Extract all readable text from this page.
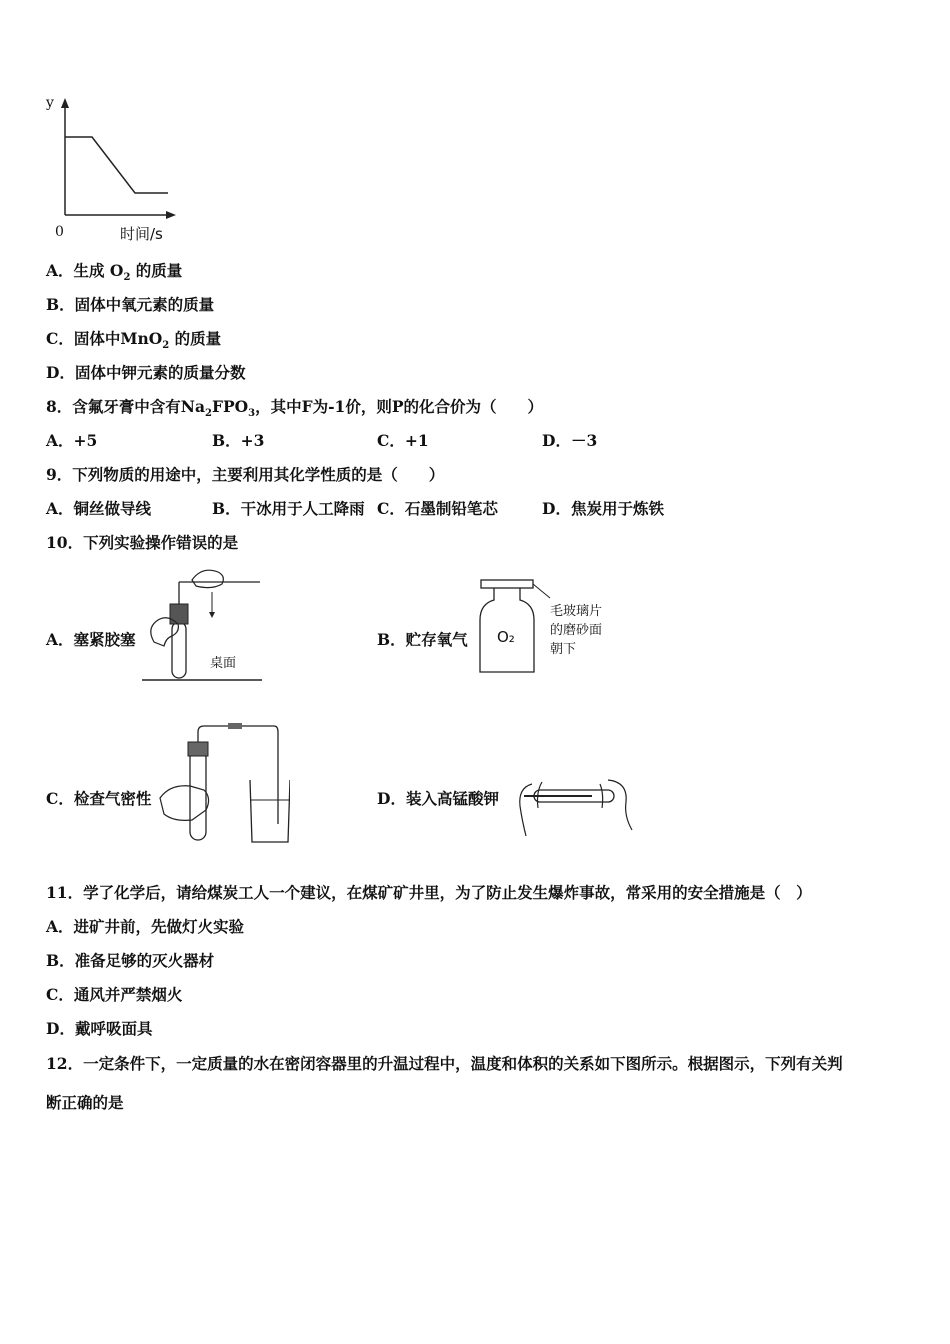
y
0	时间/s
A．生成 $O_2$ 的质量
B．固体中氧元素的质量
C．固体中MnO$_2$ 的质量
D．固体中钾元素的质量分数
8．含氟牙膏中含有$Na_2FPO_3$，其中F为-1价，则P的化合价为（　　）
A．+5	B．+3	C．+1	D．－3
9．下列物质的用途中，主要利用其化学性质的是（　　）
A．铜丝做导线	B．干冰用于人工降雨 C．石墨制铅笔芯	D．焦炭用于炼铁
10．下列实验操作错误的是
A．塞紧胶塞
桌面
B．贮存氧气 O₂
毛玻璃片
的磨砂面
朝下
C．检查气密性	D．装入高锰酸钾
11．学了化学后，请给煤炭工人一个建议，在煤矿矿井里，为了防止发生爆炸事故，常采用的安全措施是（　）
A．进矿井前，先做灯火实验
B．准备足够的灭火器材
C．通风并严禁烟火
D．戴呼吸面具
12．一定条件下，一定质量的水在密闭容器里的升温过程中，温度和体积的关系如下图所示。根据图示，下列有关判
断正确的是
